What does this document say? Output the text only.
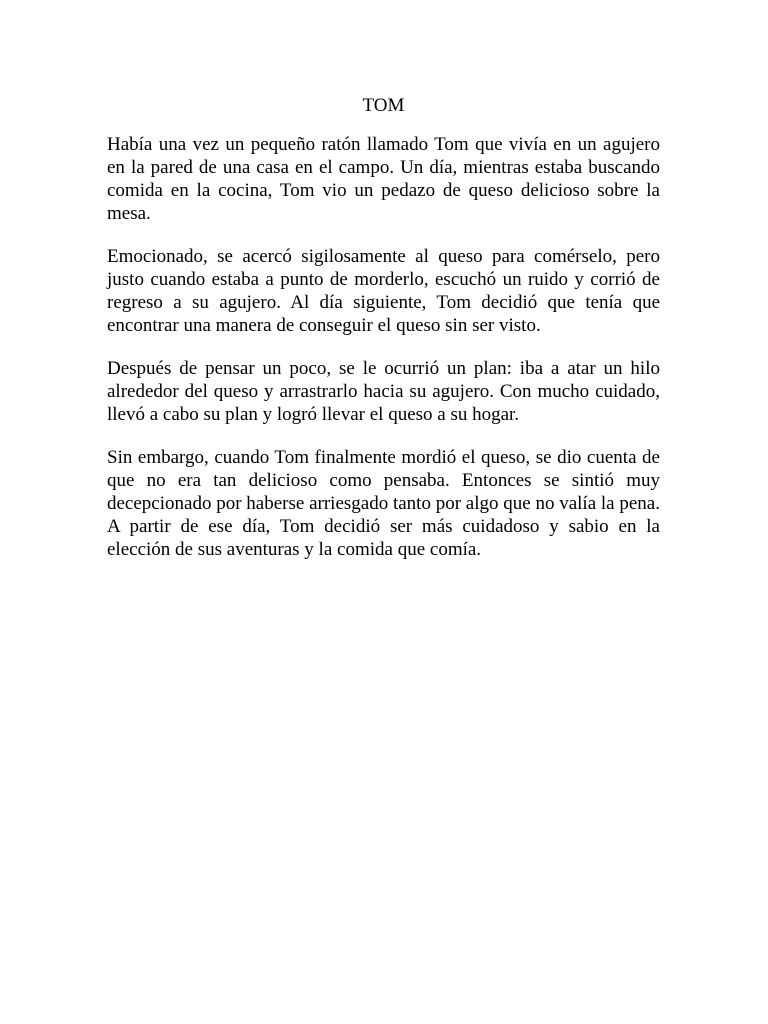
TOM

Había una vez un pequeño ratón llamado Tom que vivía en un agujero en la pared de una casa en el campo. Un día, mientras estaba buscando comida en la cocina, Tom vio un pedazo de queso delicioso sobre la mesa.

Emocionado, se acercó sigilosamente al queso para comérselo, pero justo cuando estaba a punto de morderlo, escuchó un ruido y corrió de regreso a su agujero. Al día siguiente, Tom decidió que tenía que encontrar una manera de conseguir el queso sin ser visto.

Después de pensar un poco, se le ocurrió un plan: iba a atar un hilo alrededor del queso y arrastrarlo hacia su agujero. Con mucho cuidado, llevó a cabo su plan y logró llevar el queso a su hogar.

Sin embargo, cuando Tom finalmente mordió el queso, se dio cuenta de que no era tan delicioso como pensaba. Entonces se sintió muy decepcionado por haberse arriesgado tanto por algo que no valía la pena. A partir de ese día, Tom decidió ser más cuidadoso y sabio en la elección de sus aventuras y la comida que comía.
